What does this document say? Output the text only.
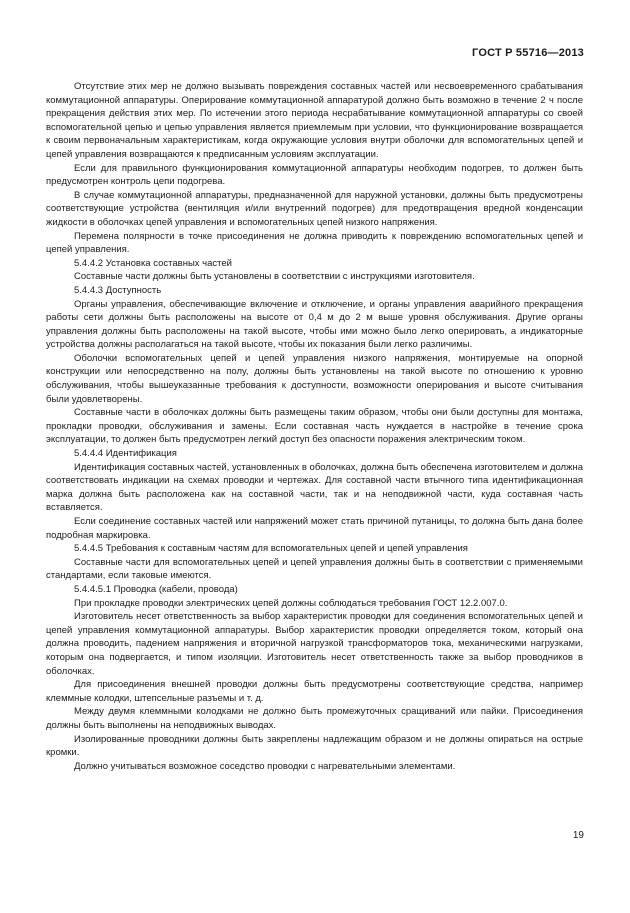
ГОСТ Р 55716—2013

Отсутствие этих мер не должно вызывать повреждения составных частей или несвоевременного срабатывания коммутационной аппаратуры. Оперирование коммутационной аппаратурой должно быть возможно в течение 2 ч после прекращения действия этих мер. По истечении этого периода несрабатывание коммутационной аппаратуры со своей вспомогательной цепью и цепью управления является приемлемым при условии, что функционирование возвращается к своим первоначальным характеристикам, когда окружающие условия внутри оболочки для вспомогательных цепей и цепей управления возвращаются к предписанным условиям эксплуатации.

Если для правильного функционирования коммутационной аппаратуры необходим подогрев, то должен быть предусмотрен контроль цепи подогрева.

В случае коммутационной аппаратуры, предназначенной для наружной установки, должны быть предусмотрены соответствующие устройства (вентиляция и/или внутренний подогрев) для предотвращения вредной конденсации жидкости в оболочках цепей управления и вспомогательных цепей низкого напряжения.

Перемена полярности в точке присоединения не должна приводить к повреждению вспомогательных цепей и цепей управления.

5.4.4.2 Установка составных частей

Составные части должны быть установлены в соответствии с инструкциями изготовителя.

5.4.4.3 Доступность

Органы управления, обеспечивающие включение и отключение, и органы управления аварийного прекращения работы сети должны быть расположены на высоте от 0,4 м до 2 м выше уровня обслуживания. Другие органы управления должны быть расположены на такой высоте, чтобы ими можно было легко оперировать, а индикаторные устройства должны располагаться на такой высоте, чтобы их показания были легко различимы.

Оболочки вспомогательных цепей и цепей управления низкого напряжения, монтируемые на опорной конструкции или непосредственно на полу, должны быть установлены на такой высоте по отношению к уровню обслуживания, чтобы вышеуказанные требования к доступности, возможности оперирования и высоте считывания были удовлетворены.

Составные части в оболочках должны быть размещены таким образом, чтобы они были доступны для монтажа, прокладки проводки, обслуживания и замены. Если составная часть нуждается в настройке в течение срока эксплуатации, то должен быть предусмотрен легкий доступ без опасности поражения электрическим током.

5.4.4.4 Идентификация

Идентификация составных частей, установленных в оболочках, должна быть обеспечена изготовителем и должна соответствовать индикации на схемах проводки и чертежах. Для составной части втычного типа идентификационная марка должна быть расположена как на составной части, так и на неподвижной части, куда составная часть вставляется.

Если соединение составных частей или напряжений может стать причиной путаницы, то должна быть дана более подробная маркировка.

5.4.4.5 Требования к составным частям для вспомогательных цепей и цепей управления

Составные части для вспомогательных цепей и цепей управления должны быть в соответствии с применяемыми стандартами, если таковые имеются.

5.4.4.5.1 Проводка (кабели, провода)

При прокладке проводки электрических цепей должны соблюдаться требования ГОСТ 12.2.007.0.

Изготовитель несет ответственность за выбор характеристик проводки для соединения вспомогательных цепей и цепей управления коммутационной аппаратуры. Выбор характеристик проводки определяется током, который она должна проводить, падением напряжения и вторичной нагрузкой трансформаторов тока, механическими нагрузками, которым она подвергается, и типом изоляции. Изготовитель несет ответственность также за выбор проводников в оболочках.

Для присоединения внешней проводки должны быть предусмотрены соответствующие средства, например клеммные колодки, штепсельные разъемы и т. д.

Между двумя клеммными колодками не должно быть промежуточных сращиваний или пайки. Присоединения должны быть выполнены на неподвижных выводах.

Изолированные проводники должны быть закреплены надлежащим образом и не должны опираться на острые кромки.

Должно учитываться возможное соседство проводки с нагревательными элементами.

19
